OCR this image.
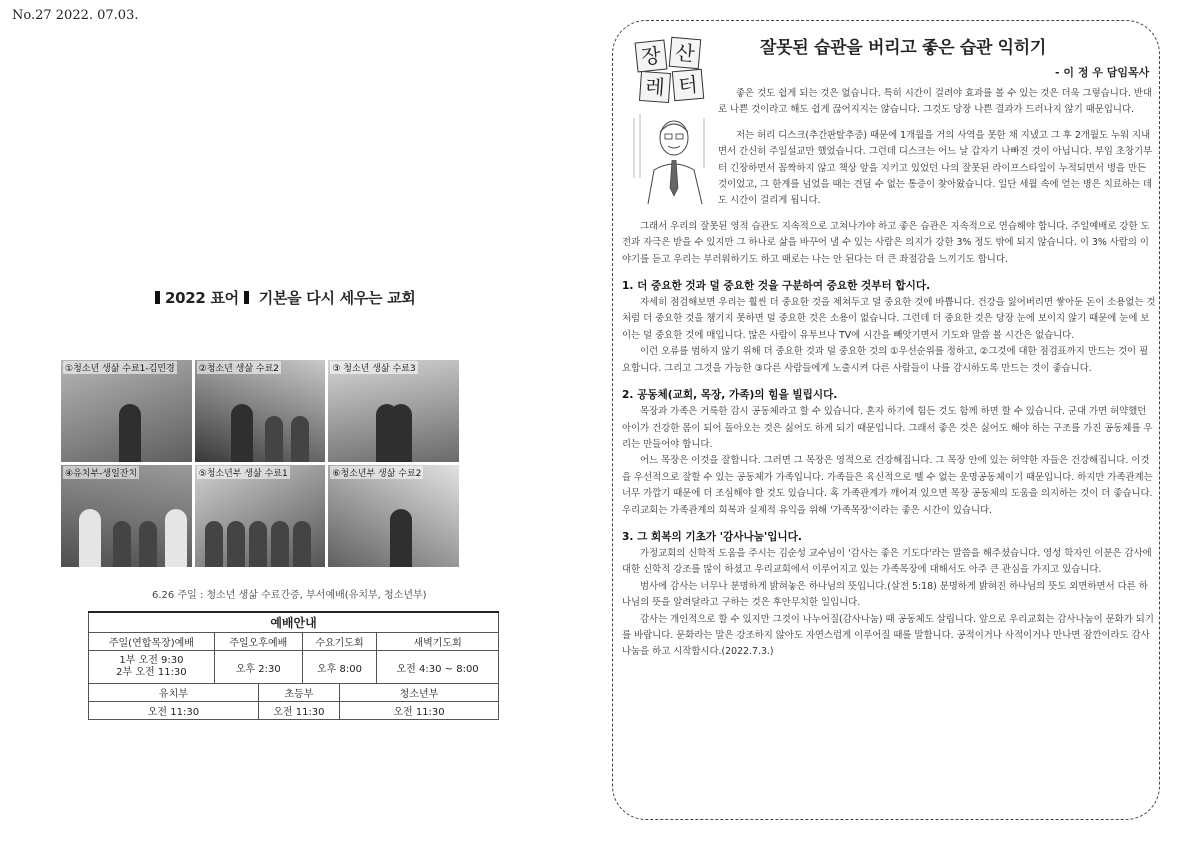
No.27 2022. 07.03.
2022 표어 기본을 다시 세우는 교회
①청소년 생삶 수료1-김민경	②청소년 생삶 수료2	③ 청소년 생삶 수료3
④유치부-생일잔치	⑤청소년부 생삶 수료1	⑥청소년부 생삶 수료2
6.26 주일 : 청소년 생삶 수료간증, 부서예배(유치부, 청소년부)
예배안내					
주일(연합목장)예배	주일오후예배		수요기도회		새벽기도회
1부 오전 9:30
2부 오전 11:30	오후 2:30		오후 8:00		오전 4:30 ~ 8:00
유치부		초등부		청소년부	
오전 11:30		오전 11:30		오전 11:30	
장 산
레 터
잘못된 습관을 버리고 좋은 습관 익히기
- 이 정 우 담임목사

좋은 것도 쉽게 되는 것은 없습니다. 특히 시간이 걸려야 효과를 볼 수 있는 것은 더욱 그렇습니다. 반대로 나쁜 것이라고 해도 쉽게 끊어지지는 않습니다. 그것도 당장 나쁜 결과가 드러나지 않기 때문입니다.

저는 허리 디스크(추간판탈추증) 때문에 1개월을 거의 사역을 못한 채 지냈고 그 후 2개월도 누워 지내면서 간신히 주일설교만 했었습니다. 그런데 디스크는 어느 날 갑자기 나빠진 것이 아닙니다. 부임 초창기부터 긴장하면서 꼼짝하지 않고 책상 앞을 지키고 있었던 나의 잘못된 라이프스타일이 누적되면서 병을 만든 것이었고, 그 한계를 넘었을 때는 견딜 수 없는 통증이 찾아왔습니다. 일단 세월 속에 얻는 병은 치료하는 데도 시간이 걸리게 됩니다.

그래서 우리의 잘못된 영적 습관도 지속적으로 고쳐나가야 하고 좋은 습관은 지속적으로 연습해야 합니다. 주일예배로 강한 도전과 자극은 받을 수 있지만 그 하나로 삶을 바꾸어 낼 수 있는 사람은 의지가 강한 3% 정도 밖에 되지 않습니다. 이 3% 사람의 이야기를 듣고 우리는 부러워하기도 하고 때로는 나는 안 된다는 더 큰 좌절감을 느끼기도 합니다.

1. 더 중요한 것과 덜 중요한 것을 구분하여 중요한 것부터 합시다.

자세히 점검해보면 우리는 훨씬 더 중요한 것을 제쳐두고 덜 중요한 것에 바쁩니다. 건강을 잃어버리면 쌓아둔 돈이 소용없는 것처럼 더 중요한 것을 챙기지 못하면 덜 중요한 것은 소용이 없습니다. 그런데 더 중요한 것은 당장 눈에 보이지 않기 때문에 눈에 보이는 덜 중요한 것에 매입니다. 많은 사람이 유투브나 TV에 시간을 빼앗기면서 기도와 말씀 볼 시간은 없습니다.

이런 오류를 범하지 않기 위해 더 중요한 것과 덜 중요한 것의 ①우선순위를 정하고, ②그것에 대한 점검표까지 만드는 것이 필요합니다. 그리고 그것을 가능한 ③다른 사람들에게 노출시켜 다른 사람들이 나를 감시하도록 만드는 것이 좋습니다.

2. 공동체(교회, 목장, 가족)의 힘을 빌립시다.

목장과 가족은 거룩한 감시 공동체라고 할 수 있습니다. 혼자 하기에 힘든 것도 함께 하면 할 수 있습니다. 군대 가면 허약했던 아이가 건강한 몸이 되어 돌아오는 것은 싫어도 하게 되기 때문입니다. 그래서 좋은 것은 싫어도 해야 하는 구조를 가진 공동체를 우리는 만들어야 합니다.

어느 목장은 이것을 잘합니다. 그러면 그 목장은 영적으로 건강해집니다. 그 목장 안에 있는 허약한 자들은 건강해집니다. 이것을 우선적으로 잘할 수 있는 공동체가 가족입니다. 가족들은 육신적으로 뗄 수 없는 운명공동체이기 때문입니다. 하지만 가족관계는 너무 가깝기 때문에 더 조심해야 할 것도 있습니다. 혹 가족관계가 깨어져 있으면 목장 공동체의 도움을 의지하는 것이 더 좋습니다. 우리교회는 가족관계의 회복과 실제적 유익을 위해 '가족목장'이라는 좋은 시간이 있습니다.

3. 그 회복의 기초가 '감사나눔'입니다.

가정교회의 신학적 도움을 주시는 김순성 교수님이 '감사는 좋은 기도다'라는 말씀을 해주셨습니다. 영성 학자인 이분은 감사에 대한 신학적 강조를 많이 하셨고 우리교회에서 이루어지고 있는 가족목장에 대해서도 아주 큰 관심을 가지고 있습니다.

범사에 감사는 너무나 분명하게 밝혀놓은 하나님의 뜻입니다.(살전 5:18) 분명하게 밝혀진 하나님의 뜻도 외면하면서 다른 하나님의 뜻을 알려달라고 구하는 것은 후안무치한 일입니다.

감사는 개인적으로 할 수 있지만 그것이 나누어질(감사나눔) 때 공동체도 살립니다. 앞으로 우리교회는 감사나눔이 문화가 되기를 바랍니다. 문화라는 말은 강조하지 않아도 자연스럽게 이루어질 때를 말합니다. 공적이거나 사적이거나 만나면 잠깐이라도 감사나눔을 하고 시작합시다.(2022.7.3.)
